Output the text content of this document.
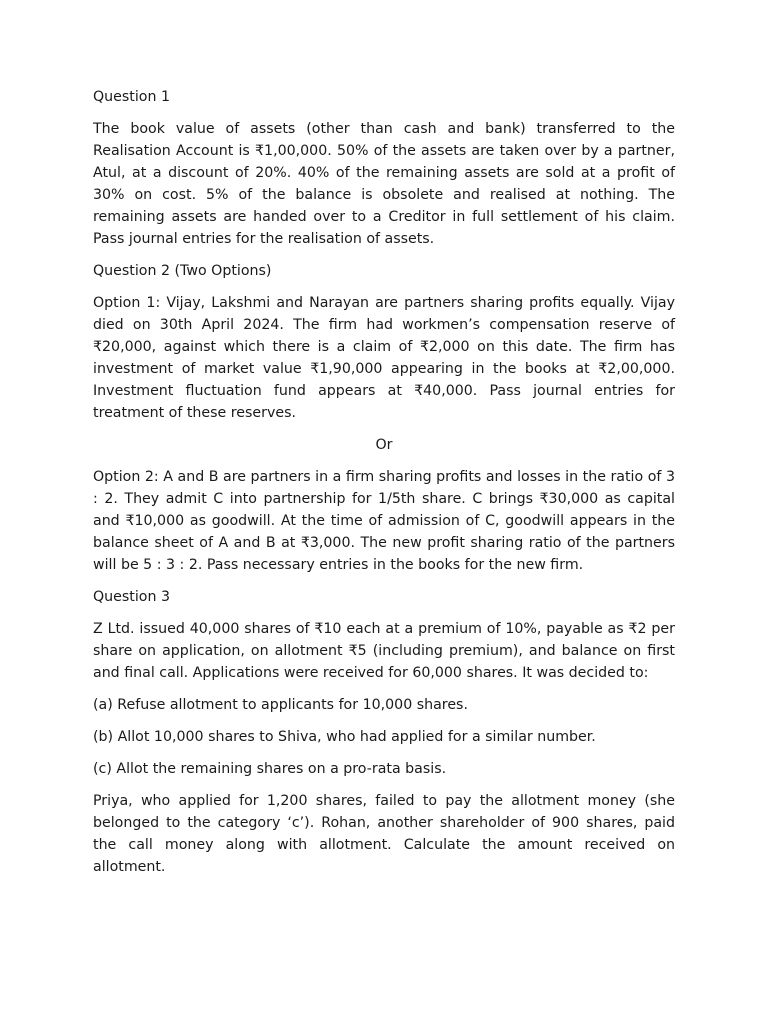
Question 1

The book value of assets (other than cash and bank) transferred to the Realisation Account is ₹1,00,000. 50% of the assets are taken over by a partner, Atul, at a discount of 20%. 40% of the remaining assets are sold at a profit of 30% on cost. 5% of the balance is obsolete and realised at nothing. The remaining assets are handed over to a Creditor in full settlement of his claim. Pass journal entries for the realisation of assets.

Question 2 (Two Options)

Option 1: Vijay, Lakshmi and Narayan are partners sharing profits equally. Vijay died on 30th April 2024. The firm had workmen’s compensation reserve of ₹20,000, against which there is a claim of ₹2,000 on this date. The firm has investment of market value ₹1,90,000 appearing in the books at ₹2,00,000. Investment fluctuation fund appears at ₹40,000. Pass journal entries for treatment of these reserves.

Or

Option 2: A and B are partners in a firm sharing profits and losses in the ratio of 3 : 2. They admit C into partnership for 1/5th share. C brings ₹30,000 as capital and ₹10,000 as goodwill. At the time of admission of C, goodwill appears in the balance sheet of A and B at ₹3,000. The new profit sharing ratio of the partners will be 5 : 3 : 2. Pass necessary entries in the books for the new firm.

Question 3

Z Ltd. issued 40,000 shares of ₹10 each at a premium of 10%, payable as ₹2 per share on application, on allotment ₹5 (including premium), and balance on first and final call. Applications were received for 60,000 shares. It was decided to:

(a) Refuse allotment to applicants for 10,000 shares.

(b) Allot 10,000 shares to Shiva, who had applied for a similar number.

(c) Allot the remaining shares on a pro-rata basis.

Priya, who applied for 1,200 shares, failed to pay the allotment money (she belonged to the category ‘c’). Rohan, another shareholder of 900 shares, paid the call money along with allotment. Calculate the amount received on allotment.
